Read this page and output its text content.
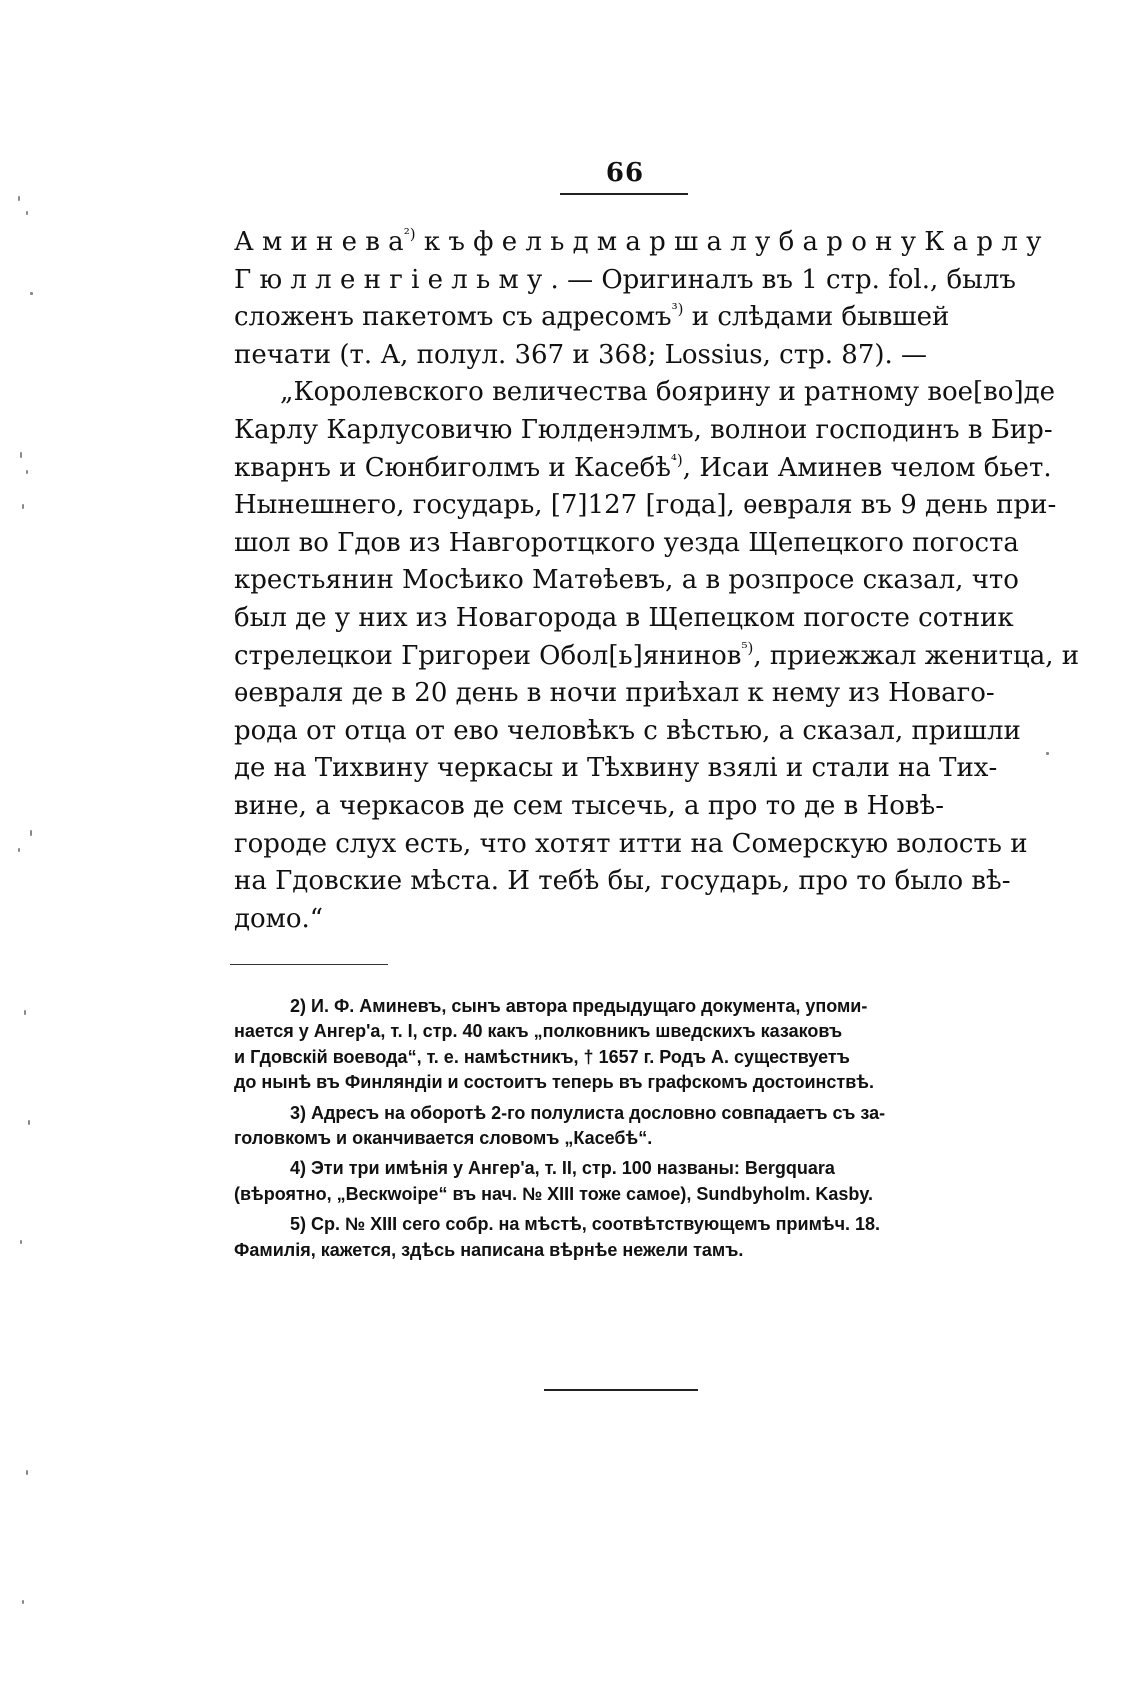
66
А м и н е в $а^{^2)}$ к ъ ф е л ь д м а р ш а л у б а р о н у К а р л у
Г ю л л е н г і е л ь м у . — Оригиналъ въ 1 стр. fol., былъ
сложенъ пакетомъ съ адресомъ$^{^3)}$ и слѣдами бывшей
печати (т. А, полул. 367 и 368; Lossius, стр. 87). —
„Королевского величества боярину и ратному вое[во]де
Карлу Карлусовичю Гюлденэлмъ, волнои господинъ в Бир-
кварнъ и Сюнбиголмъ и Касебѣ$^{^4)}$, Исаи Аминев челом бьет.
Нынешнего, государь, [7]127 [года], ѳевраля въ 9 день при-
шол во Гдов из Навгоротцкого уезда Щепецкого погоста
крестьянин Мосѣико Матѳѣевъ, а в розпросе сказал, что
был де у них из Новагорода в Щепецком погосте сотник
стрелецкои Григореи Обол[ь]янинов$^{^5)}$, приежжал женитца, и
ѳевраля де в 20 день в ночи приѣхал к нему из Новаго-
рода от отца от ево человѣкъ с вѣстью, а сказал, пришли
де на Тихвину черкасы и Тѣхвину взялі и стали на Тих-
вине, а черкасов де сем тысечь, а про то де в Новѣ-
городе слух есть, что хотят итти на Сомерскую волость и
на Гдовские мѣста. И тебѣ бы, государь, про то было вѣ-
домо.“
2) И. Ф. Аминевъ, сынъ автора предыдущаго документа, упоми-
нается у Ангер'а, т. I, стр. 40 какъ „полковникъ шведскихъ казаковъ
и Гдовскій воевода“, т. е. намѣстникъ, † 1657 г. Родъ А. существуетъ
до нынѣ въ Финляндіи и состоитъ теперь въ графскомъ достоинствѣ.
3) Адресъ на оборотѣ 2-го полулиста дословно совпадаетъ съ за-
головкомъ и оканчивается словомъ „Касебѣ“.
4) Эти три имѣнія у Ангер'а, т. II, стр. 100 названы: Bergquara
(вѣроятно, „Вескwоіре“ въ нач. № XIII тоже самое), Sundbyholm. Kasby.
5) Ср. № XIII сего собр. на мѣстѣ, соотвѣтствующемъ примѣч. 18.
Фамилія, кажется, здѣсь написана вѣрнѣе нежели тамъ.
